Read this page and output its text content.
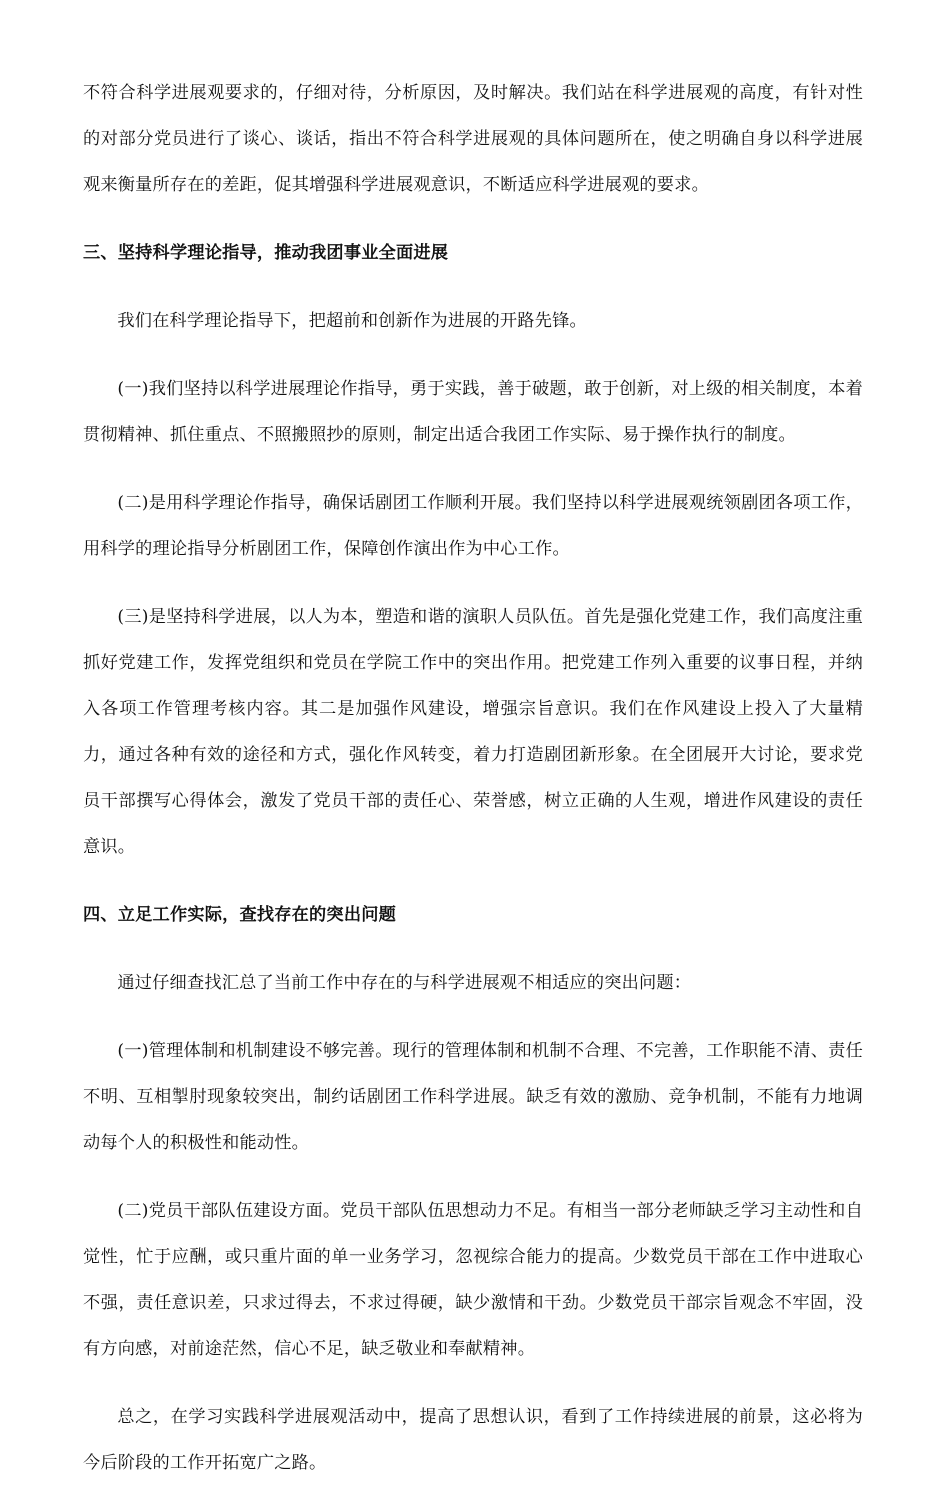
不符合科学进展观要求的，仔细对待，分析原因，及时解决。我们站在科学进展观的高度，有针对性的对部分党员进行了谈心、谈话，指出不符合科学进展观的具体问题所在，使之明确自身以科学进展观来衡量所存在的差距，促其增强科学进展观意识，不断适应科学进展观的要求。

三、坚持科学理论指导，推动我团事业全面进展

我们在科学理论指导下，把超前和创新作为进展的开路先锋。

(一)我们坚持以科学进展理论作指导，勇于实践，善于破题，敢于创新，对上级的相关制度，本着贯彻精神、抓住重点、不照搬照抄的原则，制定出适合我团工作实际、易于操作执行的制度。

(二)是用科学理论作指导，确保话剧团工作顺利开展。我们坚持以科学进展观统领剧团各项工作，用科学的理论指导分析剧团工作，保障创作演出作为中心工作。

(三)是坚持科学进展，以人为本，塑造和谐的演职人员队伍。首先是强化党建工作，我们高度注重抓好党建工作，发挥党组织和党员在学院工作中的突出作用。把党建工作列入重要的议事日程，并纳入各项工作管理考核内容。其二是加强作风建设，增强宗旨意识。我们在作风建设上投入了大量精力，通过各种有效的途径和方式，强化作风转变，着力打造剧团新形象。在全团展开大讨论，要求党员干部撰写心得体会，激发了党员干部的责任心、荣誉感，树立正确的人生观，增进作风建设的责任意识。

四、立足工作实际，查找存在的突出问题

通过仔细查找汇总了当前工作中存在的与科学进展观不相适应的突出问题：

(一)管理体制和机制建设不够完善。现行的管理体制和机制不合理、不完善，工作职能不清、责任不明、互相掣肘现象较突出，制约话剧团工作科学进展。缺乏有效的激励、竞争机制，不能有力地调动每个人的积极性和能动性。

(二)党员干部队伍建设方面。党员干部队伍思想动力不足。有相当一部分老师缺乏学习主动性和自觉性，忙于应酬，或只重片面的单一业务学习，忽视综合能力的提高。少数党员干部在工作中进取心不强，责任意识差，只求过得去，不求过得硬，缺少激情和干劲。少数党员干部宗旨观念不牢固，没有方向感，对前途茫然，信心不足，缺乏敬业和奉献精神。

总之，在学习实践科学进展观活动中，提高了思想认识，看到了工作持续进展的前景，这必将为今后阶段的工作开拓宽广之路。
